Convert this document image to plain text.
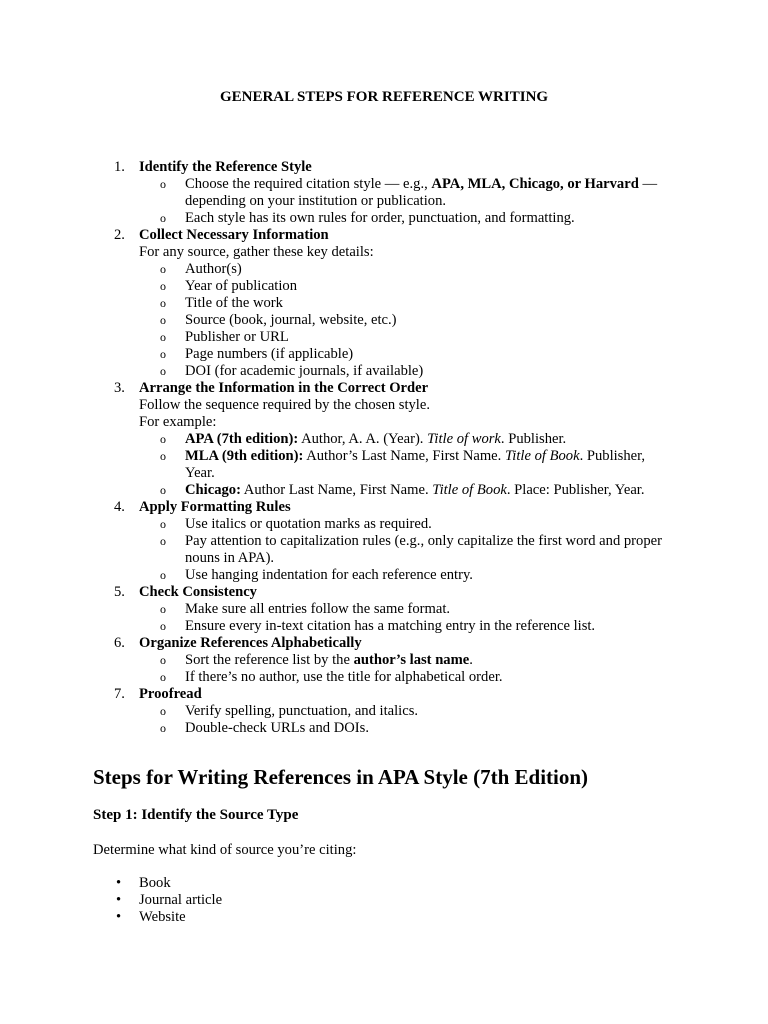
GENERAL STEPS FOR REFERENCE WRITING
1. Identify the Reference Style
o Choose the required citation style — e.g., APA, MLA, Chicago, or Harvard — depending on your institution or publication.
o Each style has its own rules for order, punctuation, and formatting.
2. Collect Necessary Information
For any source, gather these key details:
o Author(s)
o Year of publication
o Title of the work
o Source (book, journal, website, etc.)
o Publisher or URL
o Page numbers (if applicable)
o DOI (for academic journals, if available)
3. Arrange the Information in the Correct Order
Follow the sequence required by the chosen style.
For example:
o APA (7th edition): Author, A. A. (Year). Title of work. Publisher.
o MLA (9th edition): Author’s Last Name, First Name. Title of Book. Publisher, Year.
o Chicago: Author Last Name, First Name. Title of Book. Place: Publisher, Year.
4. Apply Formatting Rules
o Use italics or quotation marks as required.
o Pay attention to capitalization rules (e.g., only capitalize the first word and proper nouns in APA).
o Use hanging indentation for each reference entry.
5. Check Consistency
o Make sure all entries follow the same format.
o Ensure every in-text citation has a matching entry in the reference list.
6. Organize References Alphabetically
o Sort the reference list by the author’s last name.
o If there’s no author, use the title for alphabetical order.
7. Proofread
o Verify spelling, punctuation, and italics.
o Double-check URLs and DOIs.
Steps for Writing References in APA Style (7th Edition)
Step 1: Identify the Source Type
Determine what kind of source you’re citing:
• Book
• Journal article
• Website
